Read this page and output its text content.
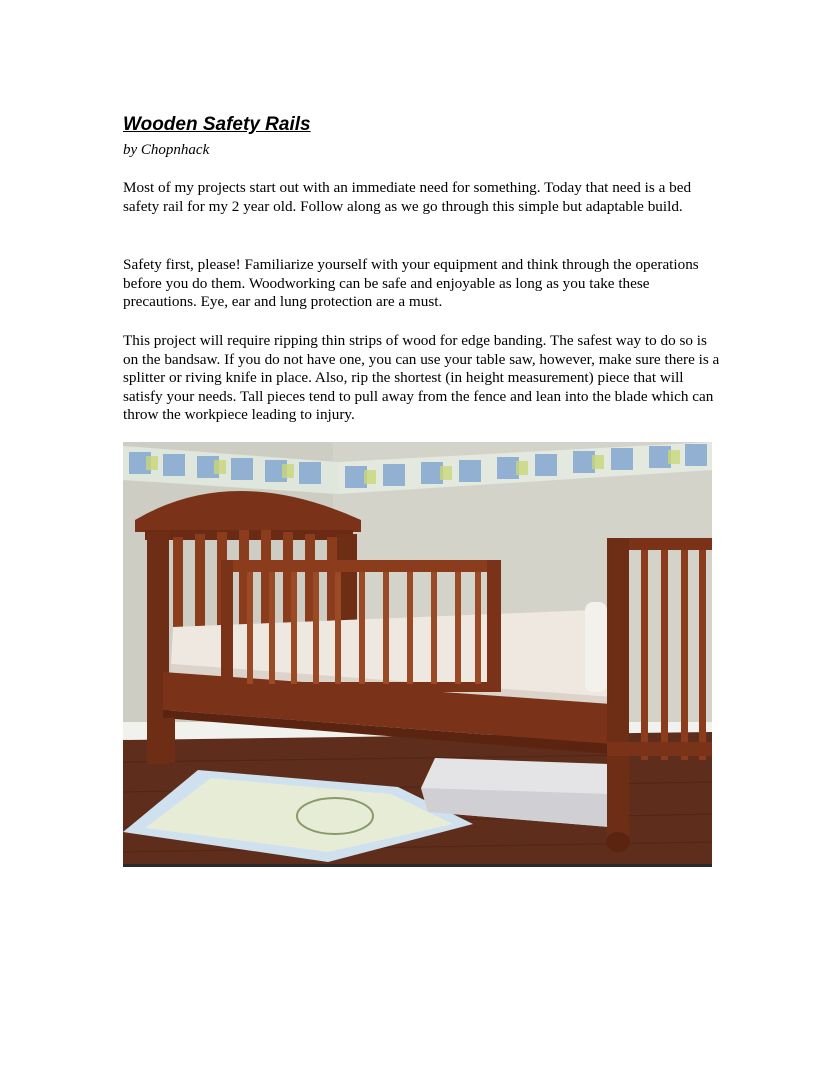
Wooden Safety Rails

by Chopnhack

Most of my projects start out with an immediate need for something. Today that need is a bed safety rail for my 2 year old. Follow along as we go through this simple but adaptable build.

Safety first, please! Familiarize yourself with your equipment and think through the operations before you do them. Woodworking can be safe and enjoyable as long as you take these precautions. Eye, ear and lung protection are a must.

This project will require ripping thin strips of wood for edge banding. The safest way to do so is on the bandsaw. If you do not have one, you can use your table saw, however, make sure there is a splitter or riving knife in place. Also, rip the shortest (in height measurement) piece that will satisfy your needs. Tall pieces tend to pull away from the fence and lean into the blade which can throw the workpiece leading to injury.
